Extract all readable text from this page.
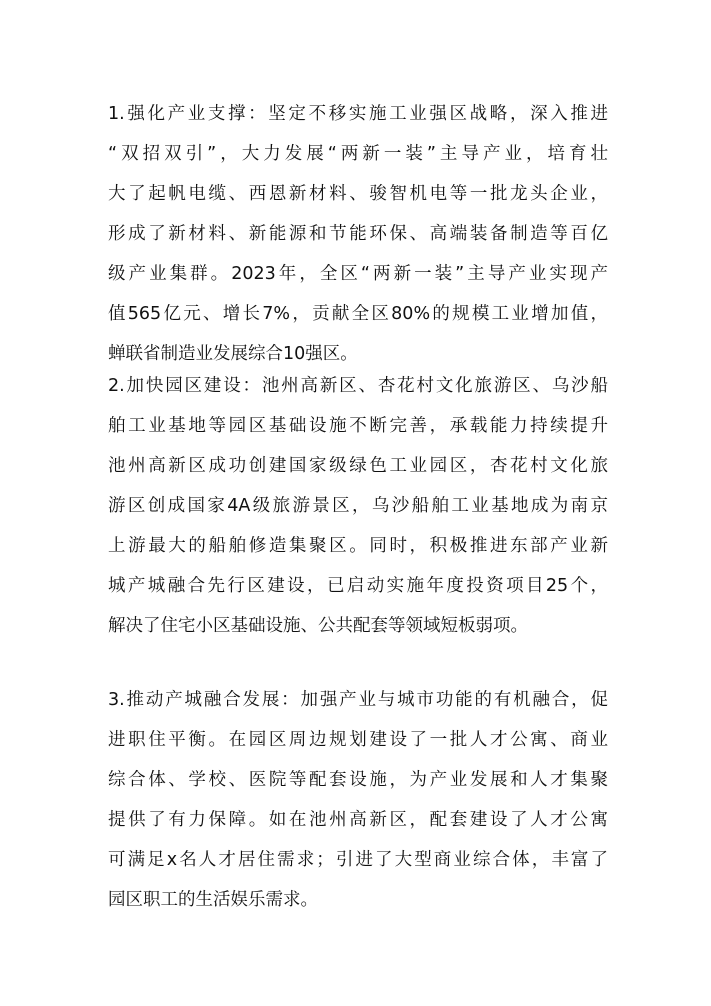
1.强化产业支撑：坚定不移实施工业强区战略，深入推进
“双招双引”，大力发展“两新一装”主导产业，培育壮
大了起帆电缆、西恩新材料、骏智机电等一批龙头企业，
形成了新材料、新能源和节能环保、高端装备制造等百亿
级产业集群。2023年，全区“两新一装”主导产业实现产
值565亿元、增长7%，贡献全区80%的规模工业增加值，
蝉联省制造业发展综合10强区。
2.加快园区建设：池州高新区、杏花村文化旅游区、乌沙船
舶工业基地等园区基础设施不断完善，承载能力持续提升
池州高新区成功创建国家级绿色工业园区，杏花村文化旅
游区创成国家4A级旅游景区，乌沙船舶工业基地成为南京
上游最大的船舶修造集聚区。同时，积极推进东部产业新
城产城融合先行区建设，已启动实施年度投资项目25个，
解决了住宅小区基础设施、公共配套等领域短板弱项。
3.推动产城融合发展：加强产业与城市功能的有机融合，促
进职住平衡。在园区周边规划建设了一批人才公寓、商业
综合体、学校、医院等配套设施，为产业发展和人才集聚
提供了有力保障。如在池州高新区，配套建设了人才公寓
可满足x名人才居住需求；引进了大型商业综合体，丰富了
园区职工的生活娱乐需求。
